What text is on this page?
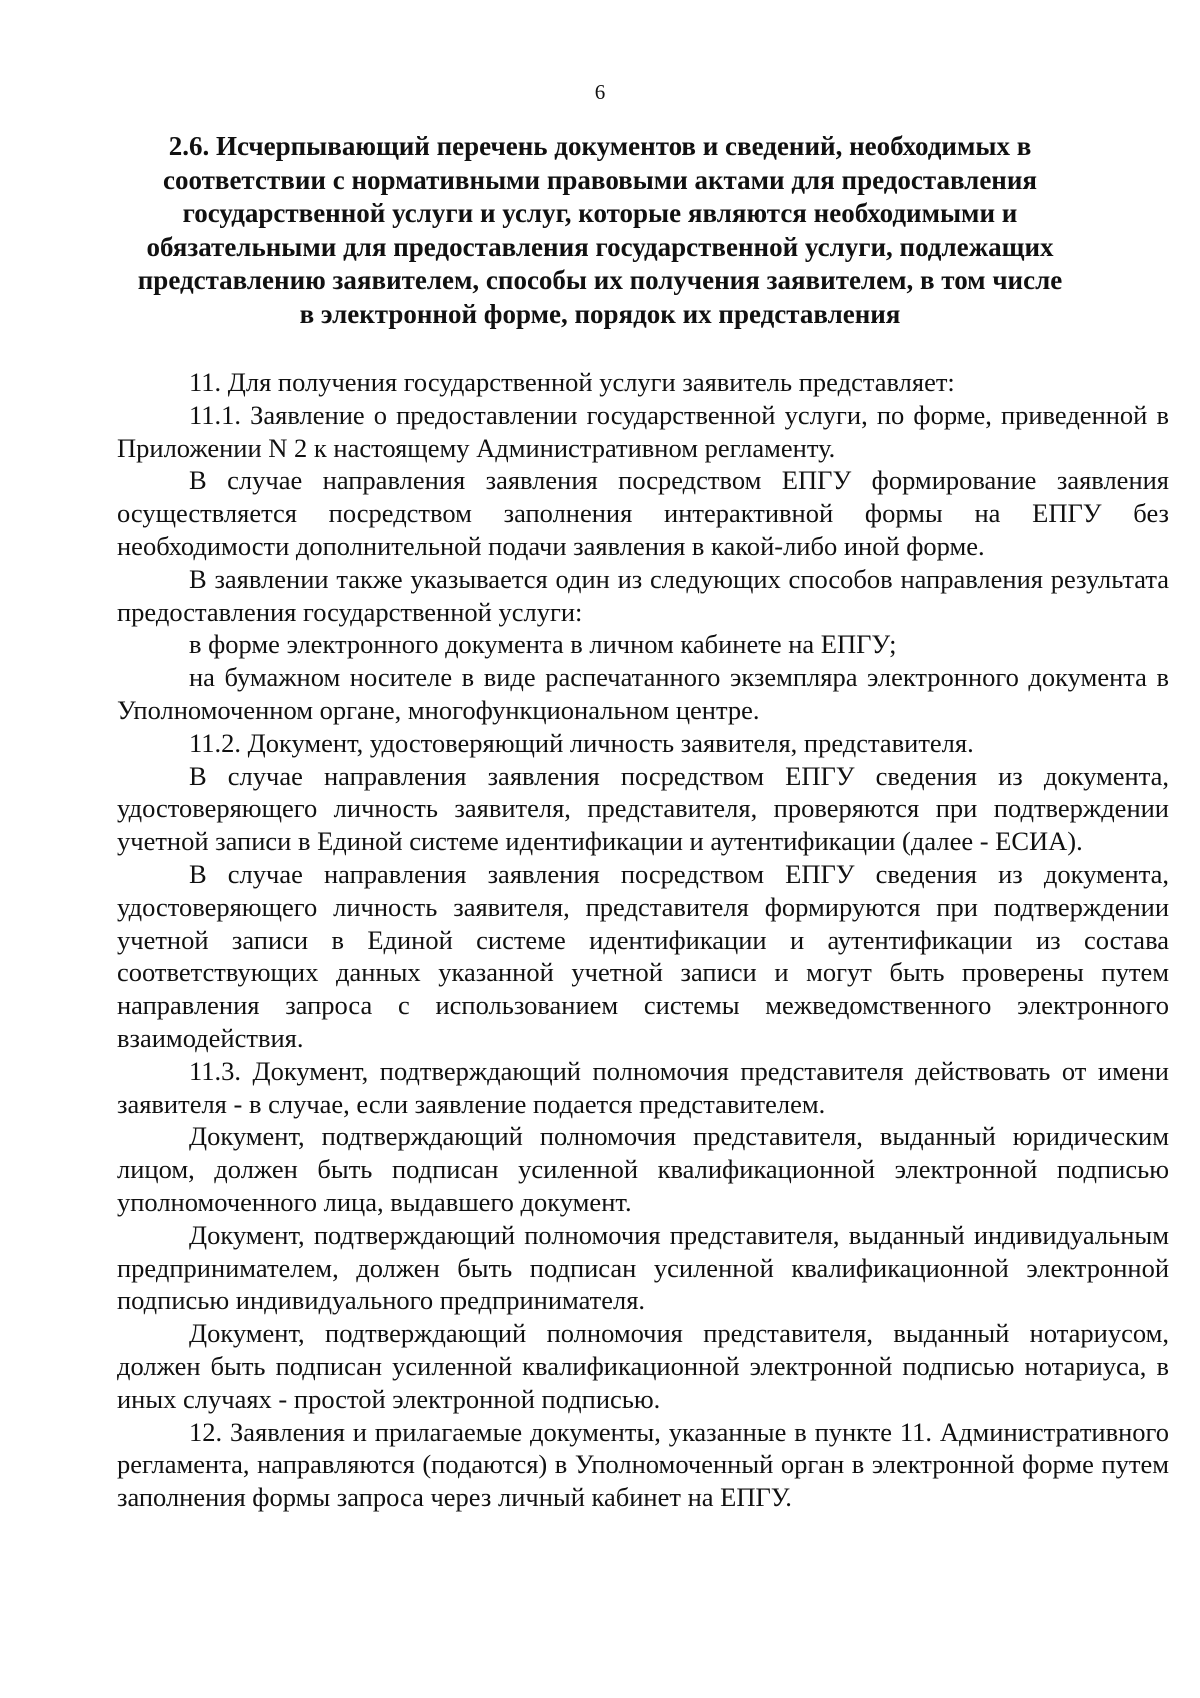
6
2.6. Исчерпывающий перечень документов и сведений, необходимых в соответствии с нормативными правовыми актами для предоставления государственной услуги и услуг, которые являются необходимыми и обязательными для предоставления государственной услуги, подлежащих представлению заявителем, способы их получения заявителем, в том числе в электронной форме, порядок их представления

11. Для получения государственной услуги заявитель представляет:

11.1. Заявление о предоставлении государственной услуги, по форме, приведенной в Приложении N 2 к настоящему Административном регламенту.

В случае направления заявления посредством ЕПГУ формирование заявления осуществляется посредством заполнения интерактивной формы на ЕПГУ без необходимости дополнительной подачи заявления в какой-либо иной форме.

В заявлении также указывается один из следующих способов направления результата предоставления государственной услуги:

в форме электронного документа в личном кабинете на ЕПГУ;

на бумажном носителе в виде распечатанного экземпляра электронного документа в Уполномоченном органе, многофункциональном центре.

11.2. Документ, удостоверяющий личность заявителя, представителя.

В случае направления заявления посредством ЕПГУ сведения из документа, удостоверяющего личность заявителя, представителя, проверяются при подтверждении учетной записи в Единой системе идентификации и аутентификации (далее - ЕСИА).

В случае направления заявления посредством ЕПГУ сведения из документа, удостоверяющего личность заявителя, представителя формируются при подтверждении учетной записи в Единой системе идентификации и аутентификации из состава соответствующих данных указанной учетной записи и могут быть проверены путем направления запроса с использованием системы межведомственного электронного взаимодействия.

11.3. Документ, подтверждающий полномочия представителя действовать от имени заявителя - в случае, если заявление подается представителем.

Документ, подтверждающий полномочия представителя, выданный юридическим лицом, должен быть подписан усиленной квалификационной электронной подписью уполномоченного лица, выдавшего документ.

Документ, подтверждающий полномочия представителя, выданный индивидуальным предпринимателем, должен быть подписан усиленной квалификационной электронной подписью индивидуального предпринимателя.

Документ, подтверждающий полномочия представителя, выданный нотариусом, должен быть подписан усиленной квалификационной электронной подписью нотариуса, в иных случаях - простой электронной подписью.

12. Заявления и прилагаемые документы, указанные в пункте 11. Административного регламента, направляются (подаются) в Уполномоченный орган в электронной форме путем заполнения формы запроса через личный кабинет на ЕПГУ.
